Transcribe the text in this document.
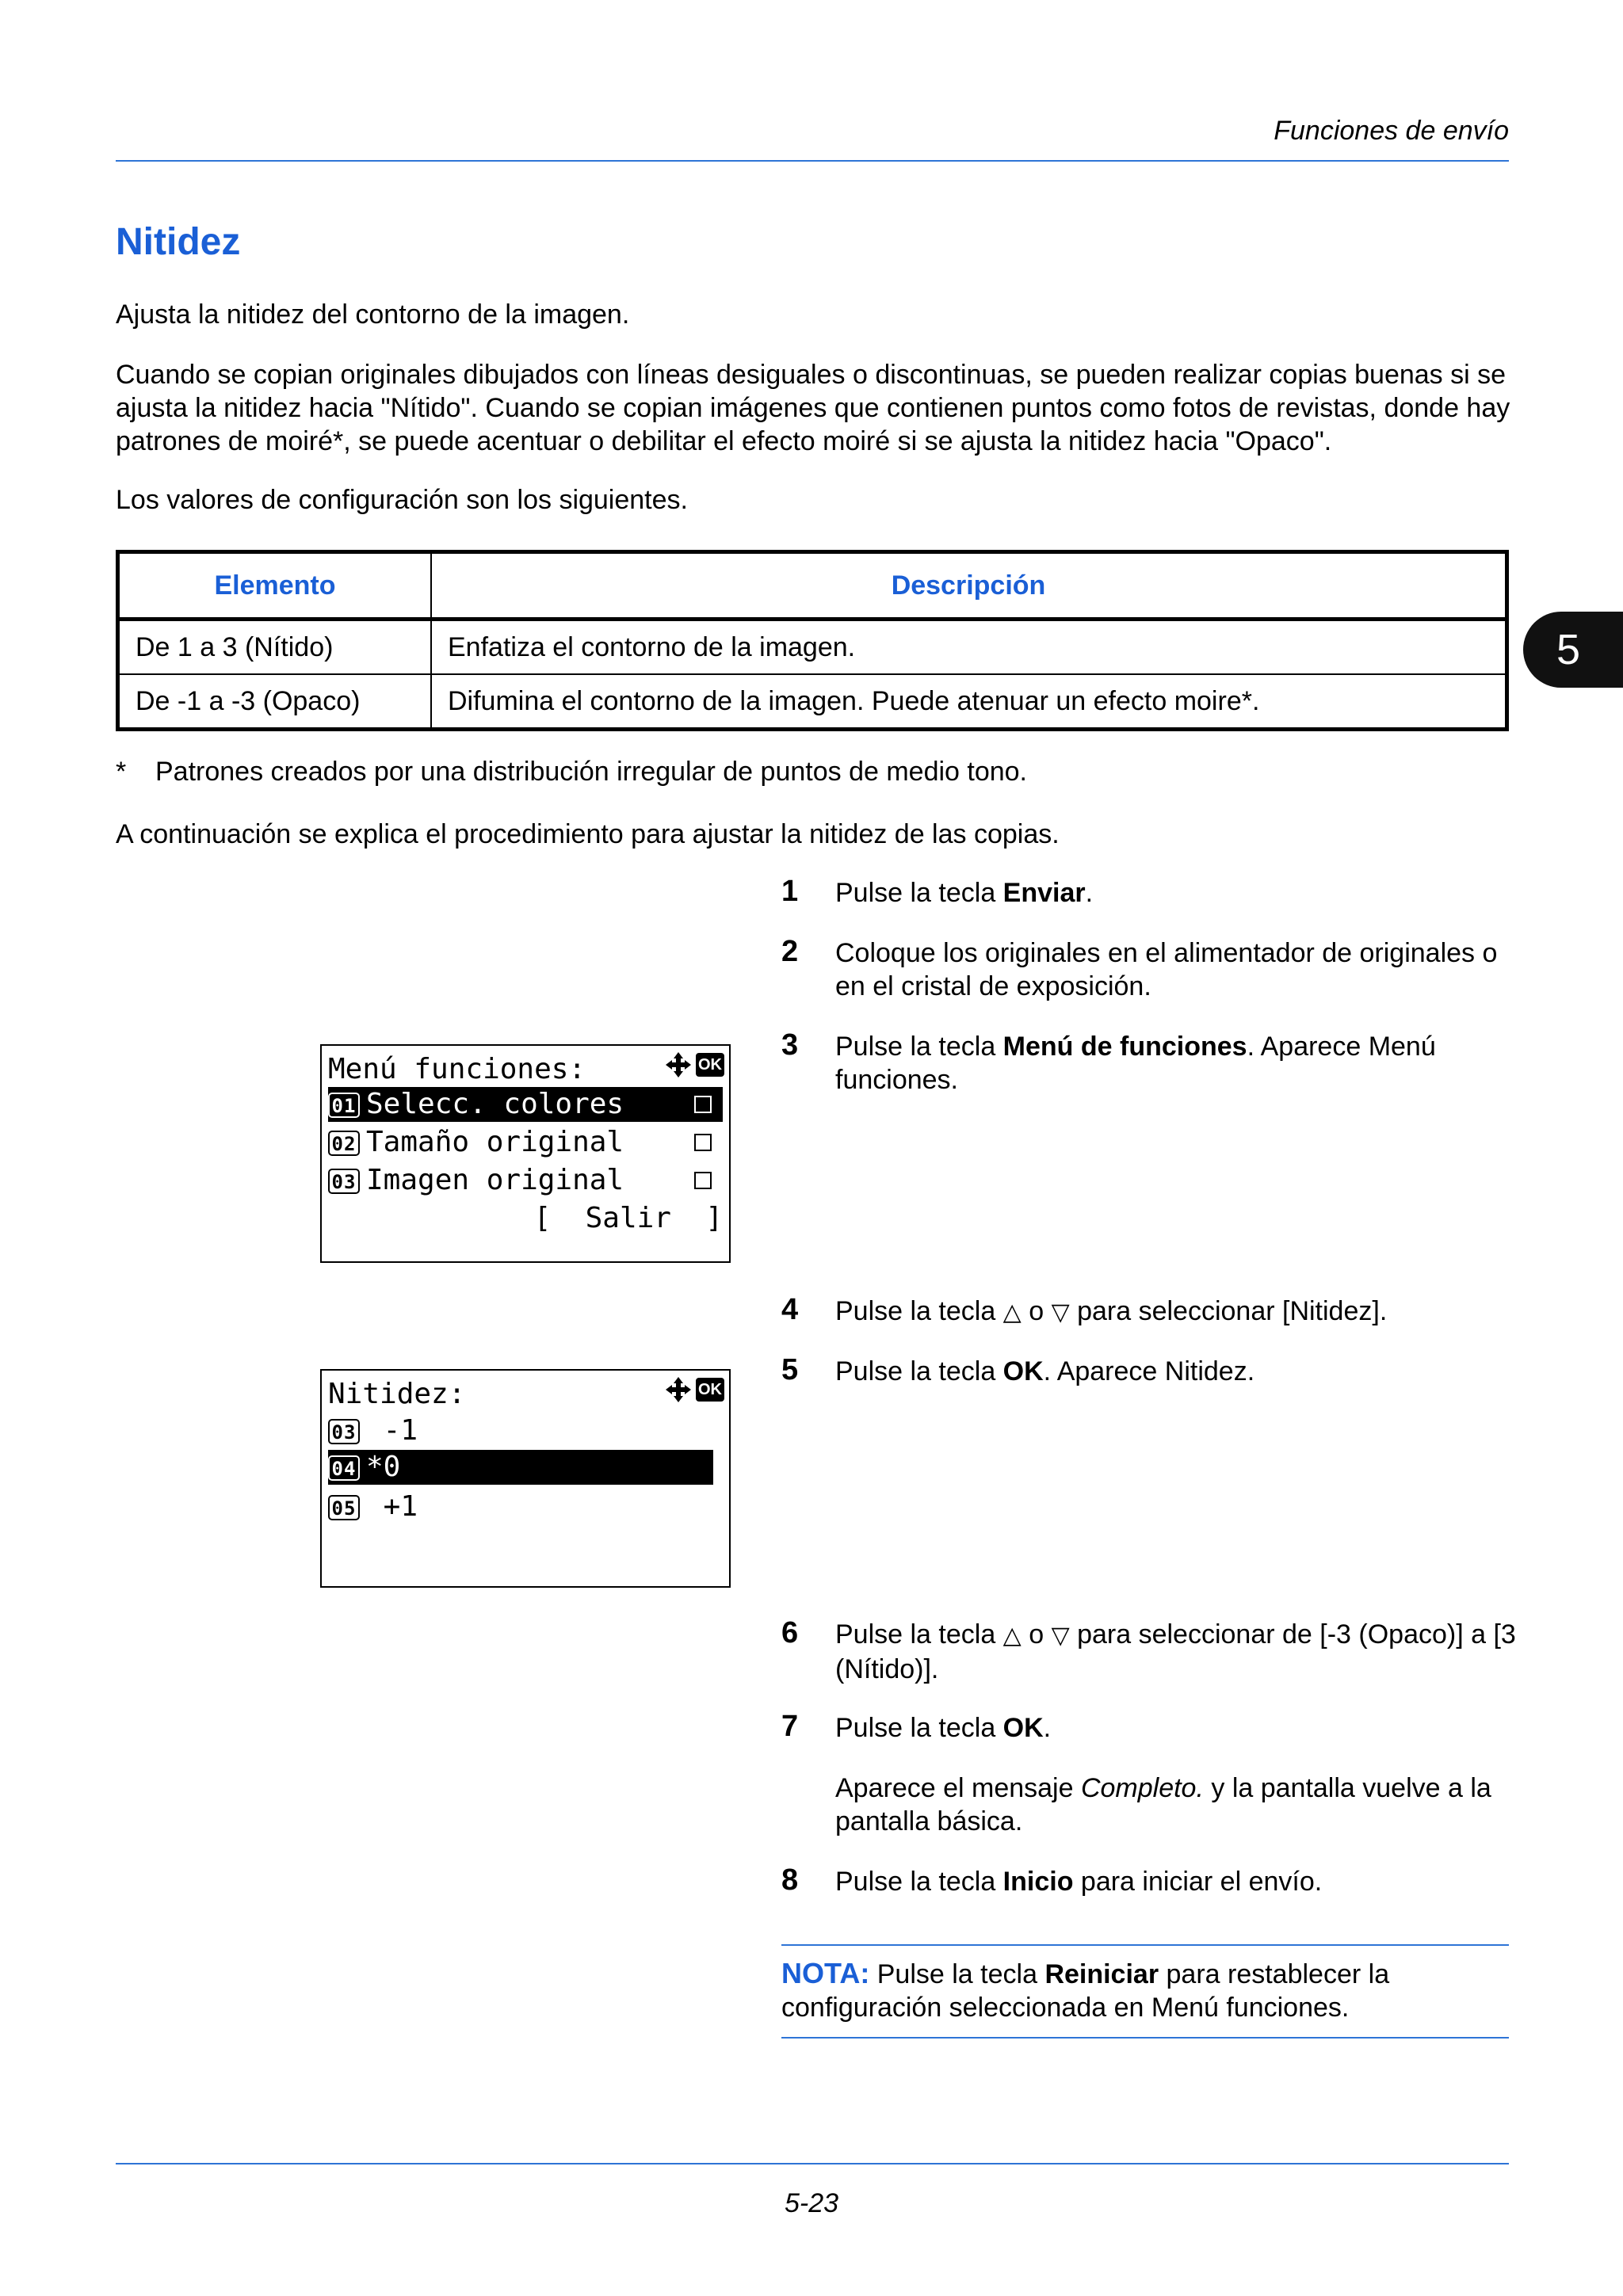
Funciones de envío
5
Nitidez
Ajusta la nitidez del contorno de la imagen.
Cuando se copian originales dibujados con líneas desiguales o discontinuas, se pueden realizar copias buenas si se ajusta la nitidez hacia "Nítido". Cuando se copian imágenes que contienen puntos como fotos de revistas, donde hay patrones de moiré*, se puede acentuar o debilitar el efecto moiré si se ajusta la nitidez hacia "Opaco".
Los valores de configuración son los siguientes.
Elemento	Descripción
De 1 a 3 (Nítido)	Enfatiza el contorno de la imagen.
De -1 a -3 (Opaco)	Difumina el contorno de la imagen. Puede atenuar un efecto moire*.
* Patrones creados por una distribución irregular de puntos de medio tono.
A continuación se explica el procedimiento para ajustar la nitidez de las copias.
1 Pulse la tecla Enviar.
2 Coloque los originales en el alimentador de originales o en el cristal de exposición.
3 Pulse la tecla Menú de funciones. Aparece Menú funciones.
4 Pulse la tecla △ o ▽ para seleccionar [Nitidez].
5 Pulse la tecla OK. Aparece Nitidez.
6 Pulse la tecla △ o ▽ para seleccionar de [-3 (Opaco)] a [3 (Nítido)].
7 Pulse la tecla OK.
Aparece el mensaje Completo. y la pantalla vuelve a la pantalla básica.
8 Pulse la tecla Inicio para iniciar el envío.
Menú funciones:	OK
01 Selecc. colores
02 Tamaño original
03 Imagen original
[  Salir  ]
Nitidez:	OK
03 -1
04 *0
05 +1
NOTA: Pulse la tecla Reiniciar para restablecer la configuración seleccionada en Menú funciones.
5-23
